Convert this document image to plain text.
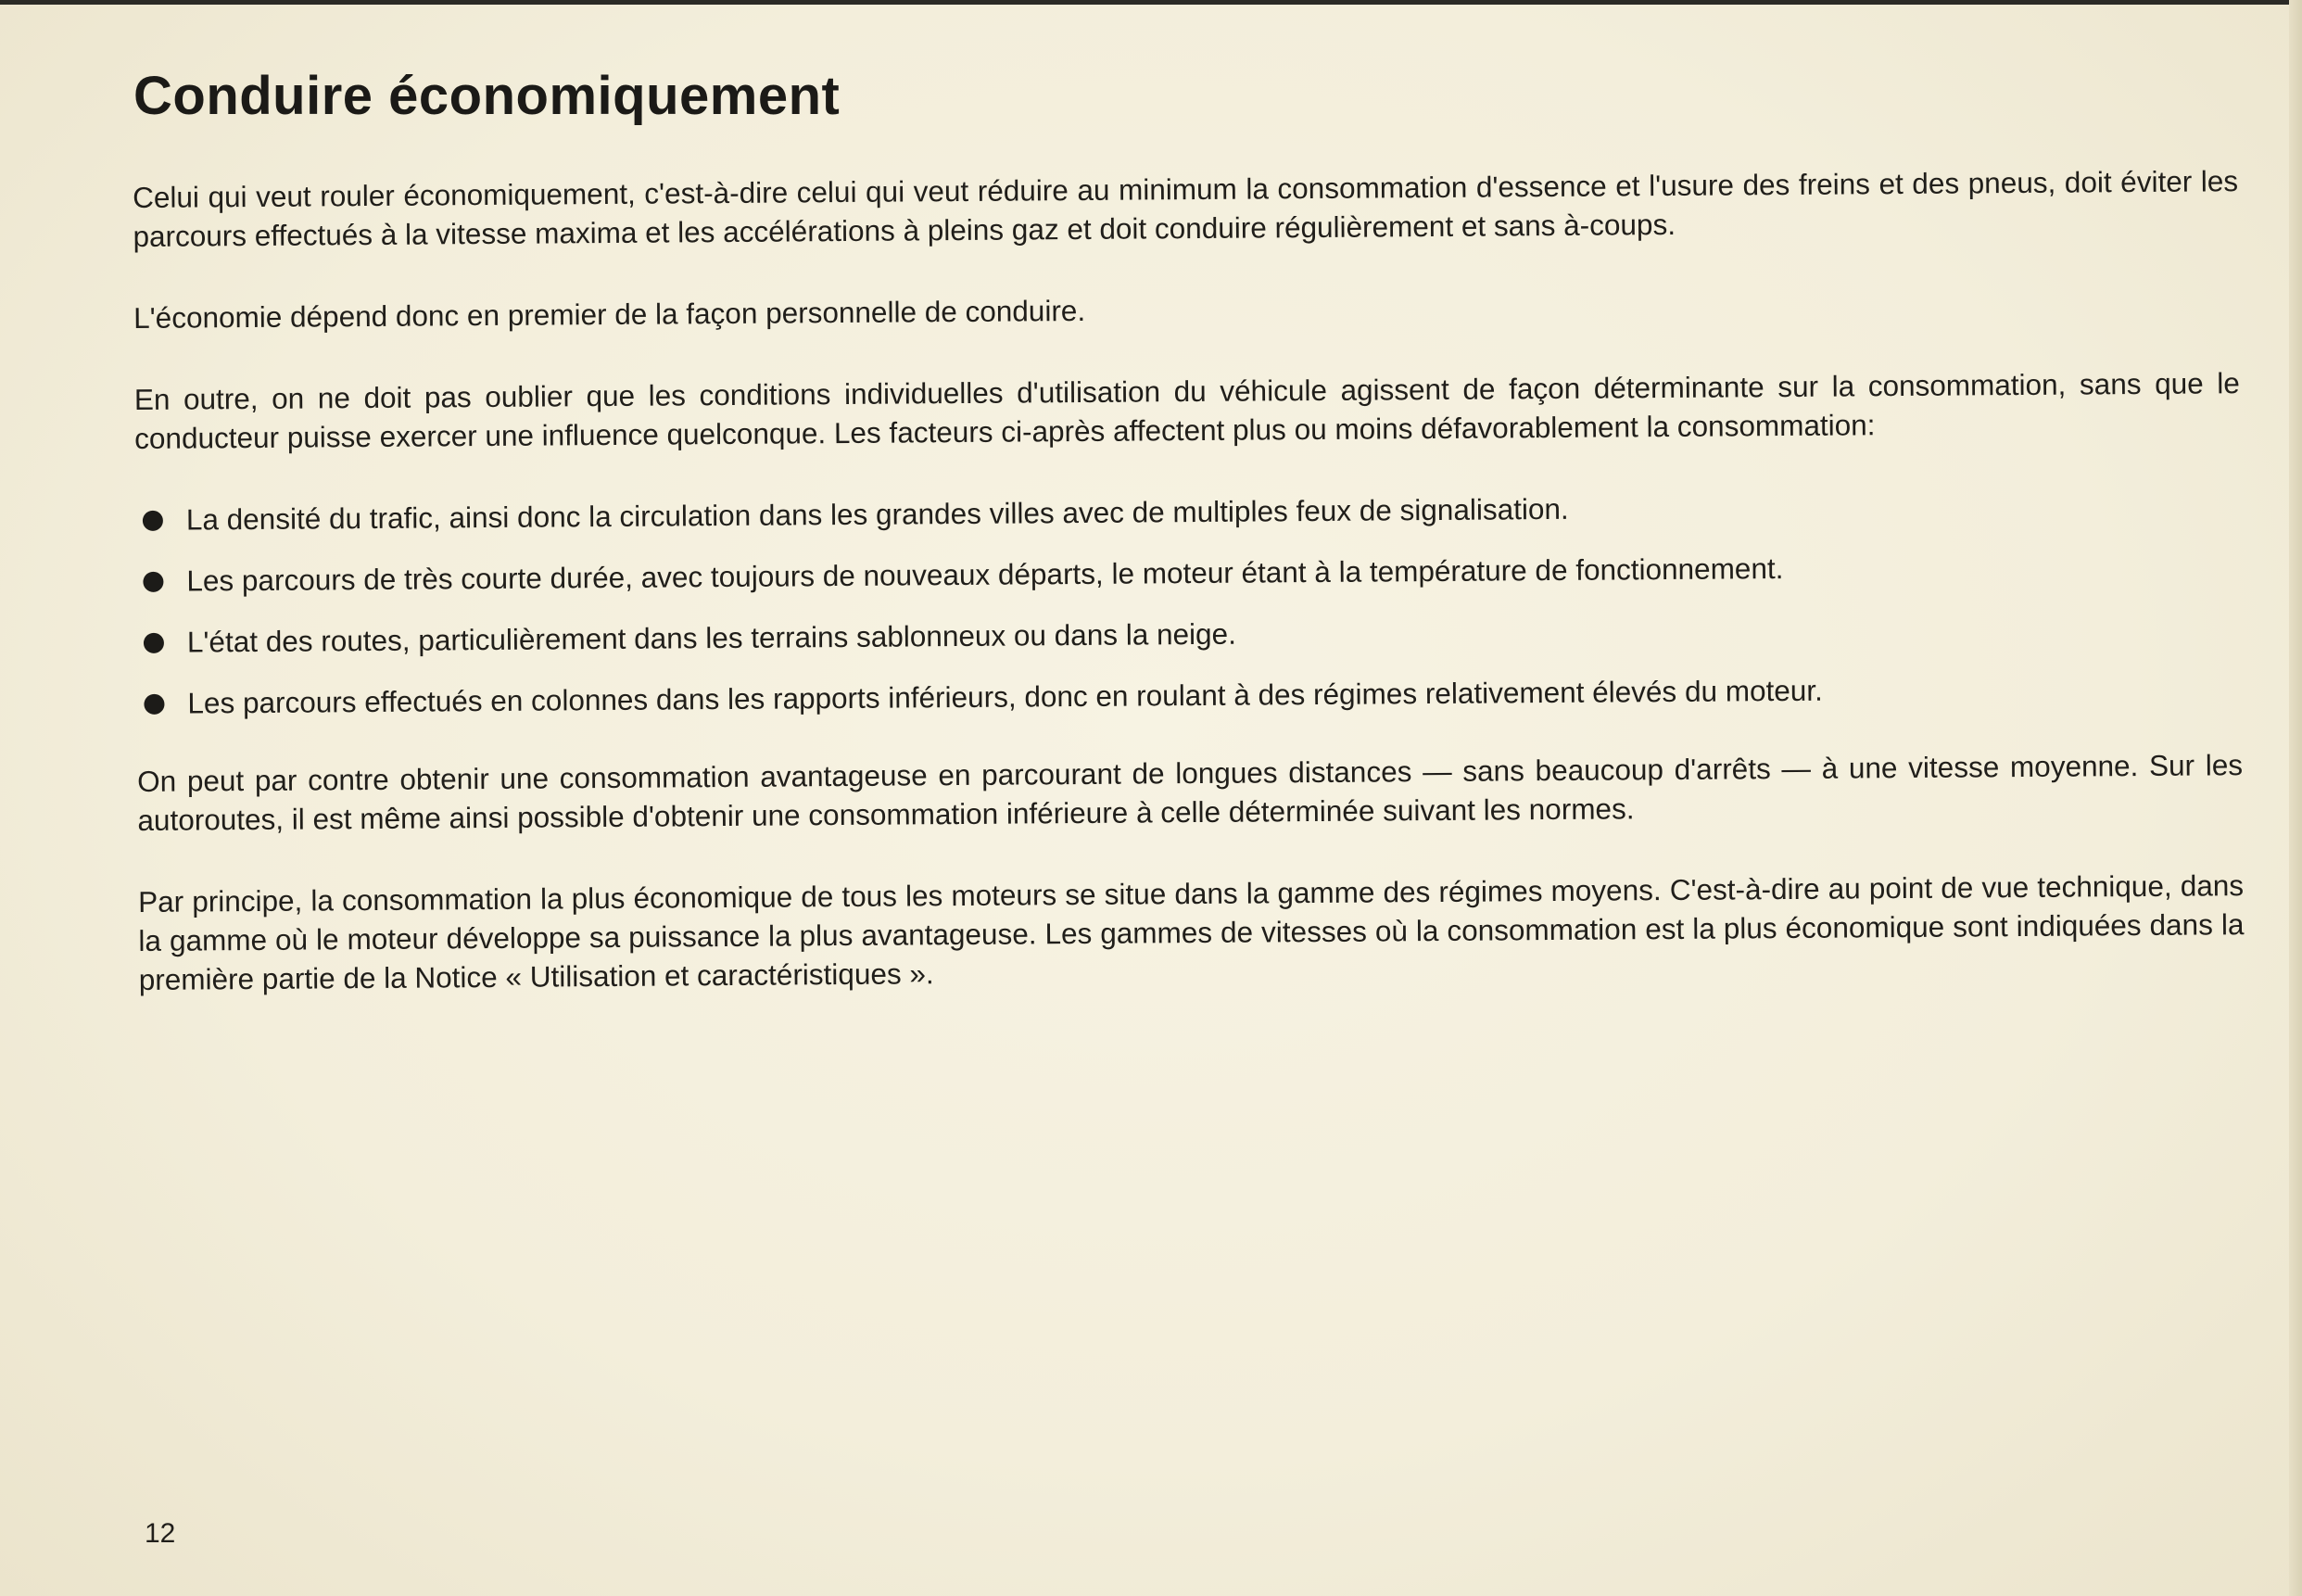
Conduire économiquement

Celui qui veut rouler économiquement, c'est-à-dire celui qui veut réduire au minimum la consommation d'essence et l'usure des freins et des pneus, doit éviter les parcours effectués à la vitesse maxima et les accélérations à pleins gaz et doit conduire régulièrement et sans à-coups.

L'économie dépend donc en premier de la façon personnelle de conduire.

En outre, on ne doit pas oublier que les conditions individuelles d'utilisation du véhicule agissent de façon déterminante sur la consommation, sans que le conducteur puisse exercer une influence quelconque. Les facteurs ci-après affectent plus ou moins défavorablement la consommation:

La densité du trafic, ainsi donc la circulation dans les grandes villes avec de multiples feux de signalisation.
Les parcours de très courte durée, avec toujours de nouveaux départs, le moteur étant à la température de fonctionnement.
L'état des routes, particulièrement dans les terrains sablonneux ou dans la neige.
Les parcours effectués en colonnes dans les rapports inférieurs, donc en roulant à des régimes relativement élevés du moteur.

On peut par contre obtenir une consommation avantageuse en parcourant de longues distances — sans beaucoup d'arrêts — à une vitesse moyenne. Sur les autoroutes, il est même ainsi possible d'obtenir une consommation inférieure à celle déterminée suivant les normes.

Par principe, la consommation la plus économique de tous les moteurs se situe dans la gamme des régimes moyens. C'est-à-dire au point de vue technique, dans la gamme où le moteur développe sa puissance la plus avantageuse. Les gammes de vitesses où la consommation est la plus économique sont indiquées dans la première partie de la Notice « Utilisation et caractéristiques ».

12
